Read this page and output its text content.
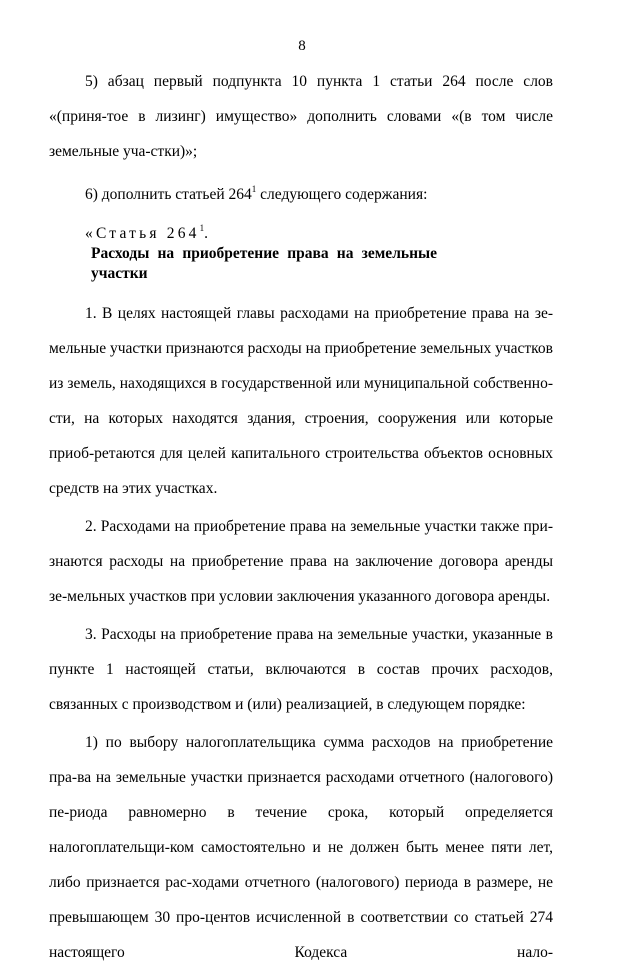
8

5) абзац первый подпункта 10 пункта 1 статьи 264 после слов «(приня-тое в лизинг) имущество» дополнить словами «(в том числе земельные уча-стки)»;

6) дополнить статьей $264^1$ следующего содержания:

«Статья $264^1.Расходы$ на приобретение права на земельные участки

1. В целях настоящей главы расходами на приобретение права на зе-мельные участки признаются расходы на приобретение земельных участков из земель, находящихся в государственной или муниципальной собственно-сти, на которых находятся здания, строения, сооружения или которые приоб-ретаются для целей капитального строительства объектов основных средств на этих участках.

2. Расходами на приобретение права на земельные участки также при-знаются расходы на приобретение права на заключение договора аренды зе-мельных участков при условии заключения указанного договора аренды.

3. Расходы на приобретение права на земельные участки, указанные в пункте 1 настоящей статьи, включаются в состав прочих расходов, связанных с производством и (или) реализацией, в следующем порядке:

1) по выбору налогоплательщика сумма расходов на приобретение пра-ва на земельные участки признается расходами отчетного (налогового) пе-риода равномерно в течение срока, который определяется налогоплательщи-ком самостоятельно и не должен быть менее пяти лет, либо признается рас-ходами отчетного (налогового) периода в размере, не превышающем 30 про-центов исчисленной в соответствии со статьей 274 настоящего Кодекса нало-
